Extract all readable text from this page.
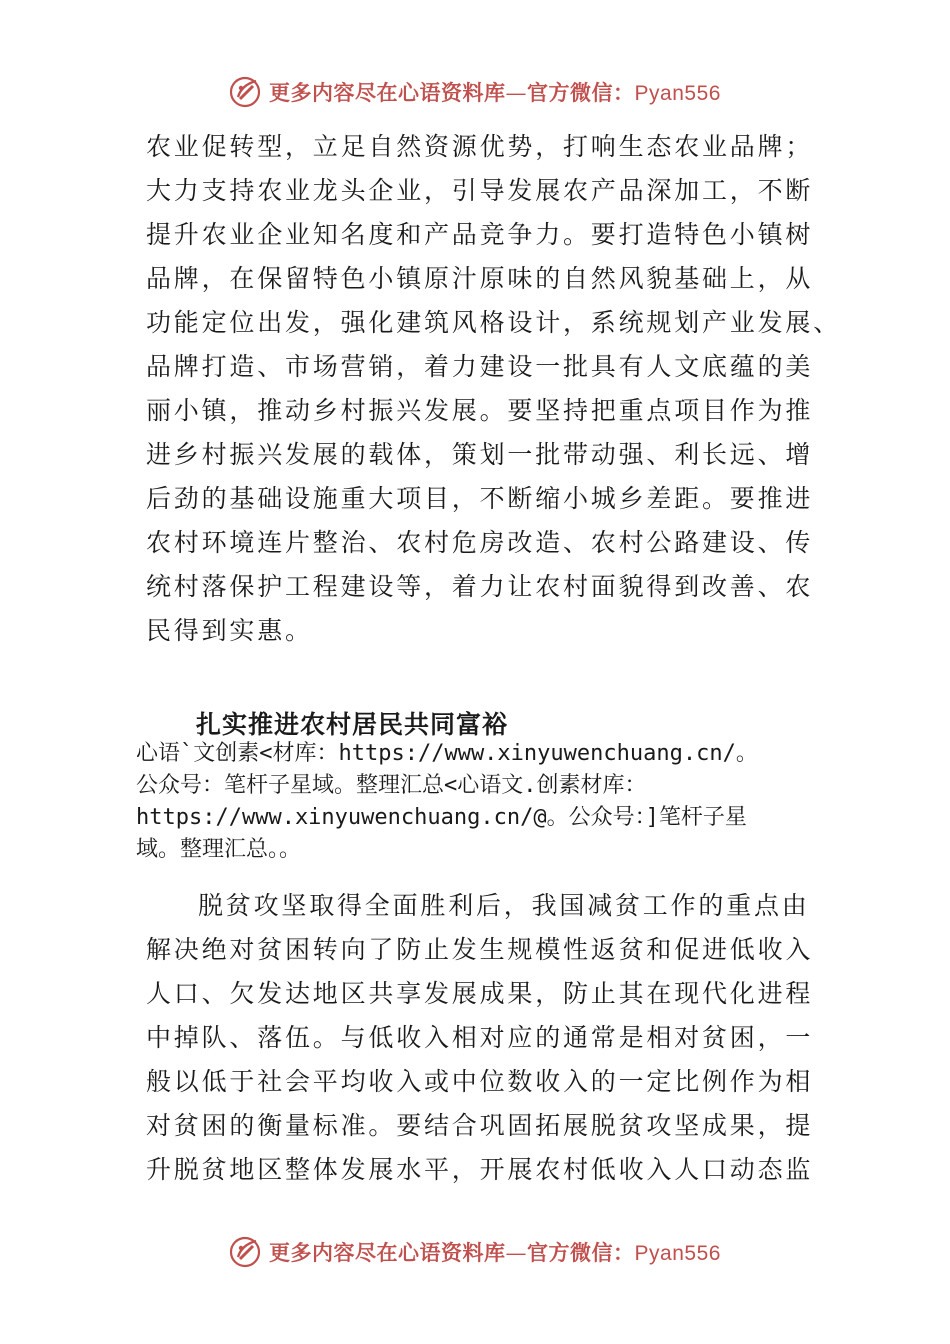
更多内容尽在心语资料库—官方微信：Pyan556
农业促转型，立足自然资源优势，打响生态农业品牌；
大力支持农业龙头企业，引导发展农产品深加工，不断
提升农业企业知名度和产品竞争力。要打造特色小镇树
品牌，在保留特色小镇原汁原味的自然风貌基础上，从
功能定位出发，强化建筑风格设计，系统规划产业发展、
品牌打造、市场营销，着力建设一批具有人文底蕴的美
丽小镇，推动乡村振兴发展。要坚持把重点项目作为推
进乡村振兴发展的载体，策划一批带动强、利长远、增
后劲的基础设施重大项目，不断缩小城乡差距。要推进
农村环境连片整治、农村危房改造、农村公路建设、传
统村落保护工程建设等，着力让农村面貌得到改善、农
民得到实惠。
扎实推进农村居民共同富裕
心语`文创素<材库：https://www.xinyuwenchuang.cn/。
公众号：笔杆子星域。整理汇总<心语文.创素材库：
https://www.xinyuwenchuang.cn/@。公众号：]笔杆子星
域。整理汇总。。
脱贫攻坚取得全面胜利后，我国减贫工作的重点由
解决绝对贫困转向了防止发生规模性返贫和促进低收入
人口、欠发达地区共享发展成果，防止其在现代化进程
中掉队、落伍。与低收入相对应的通常是相对贫困，一
般以低于社会平均收入或中位数收入的一定比例作为相
对贫困的衡量标准。要结合巩固拓展脱贫攻坚成果，提
升脱贫地区整体发展水平，开展农村低收入人口动态监
更多内容尽在心语资料库—官方微信：Pyan556
